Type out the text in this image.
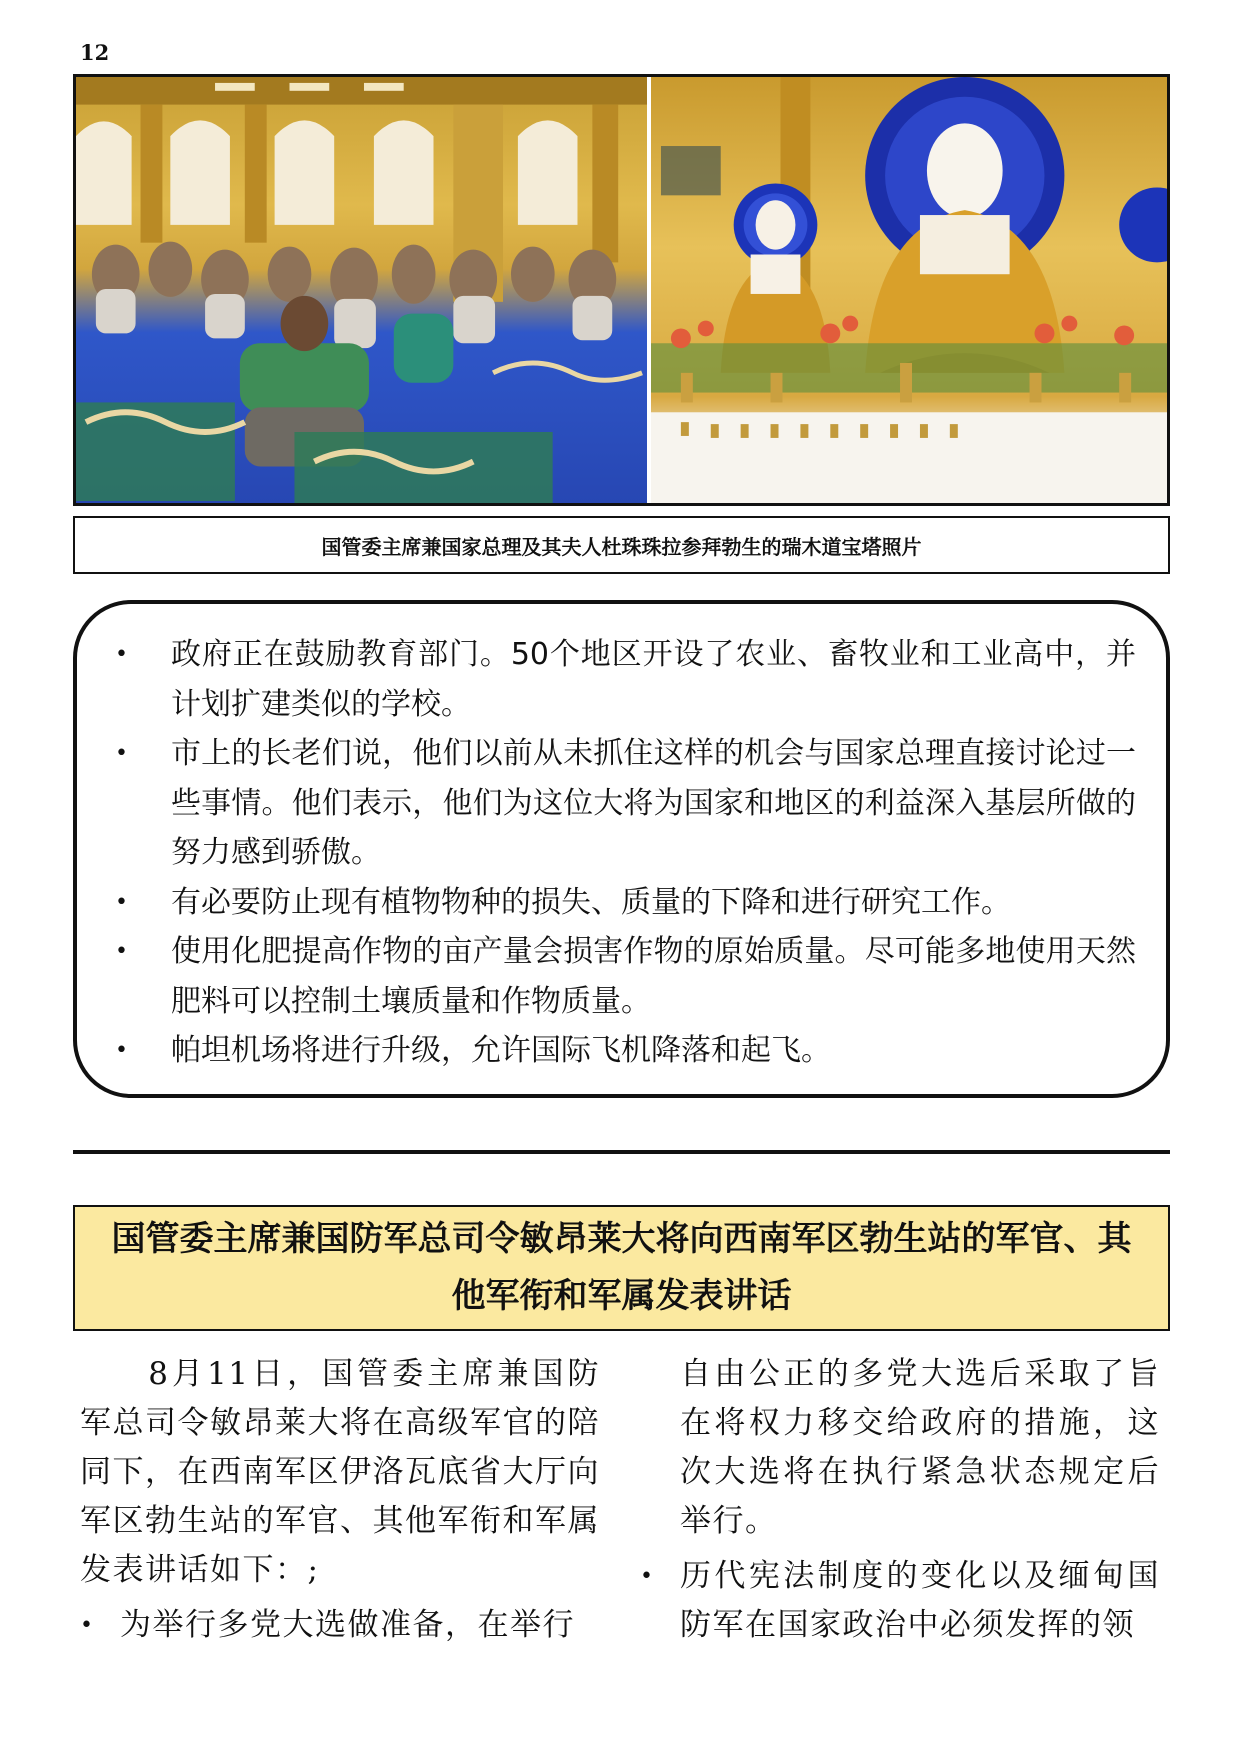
12
国管委主席兼国家总理及其夫人杜珠珠拉参拜勃生的瑞木道宝塔照片
• 政府正在鼓励教育部门。50个地区开设了农业、畜牧业和工业高中，并计划扩建类似的学校。
• 市上的长老们说，他们以前从未抓住这样的机会与国家总理直接讨论过一些事情。他们表示，他们为这位大将为国家和地区的利益深入基层所做的努力感到骄傲。
• 有必要防止现有植物物种的损失、质量的下降和进行研究工作。
• 使用化肥提高作物的亩产量会损害作物的原始质量。尽可能多地使用天然肥料可以控制土壤质量和作物质量。
• 帕坦机场将进行升级，允许国际飞机降落和起飞。
国管委主席兼国防军总司令敏昂莱大将向西南军区勃生站的军官、其他军衔和军属发表讲话

8月11日，国管委主席兼国防军总司令敏昂莱大将在高级军官的陪同下，在西南军区伊洛瓦底省大厅向军区勃生站的军官、其他军衔和军属发表讲话如下：;

• 为举行多党大选做准备，在举行

自由公正的多党大选后采取了旨在将权力移交给政府的措施，这次大选将在执行紧急状态规定后举行。

• 历代宪法制度的变化以及缅甸国防军在国家政治中必须发挥的领
